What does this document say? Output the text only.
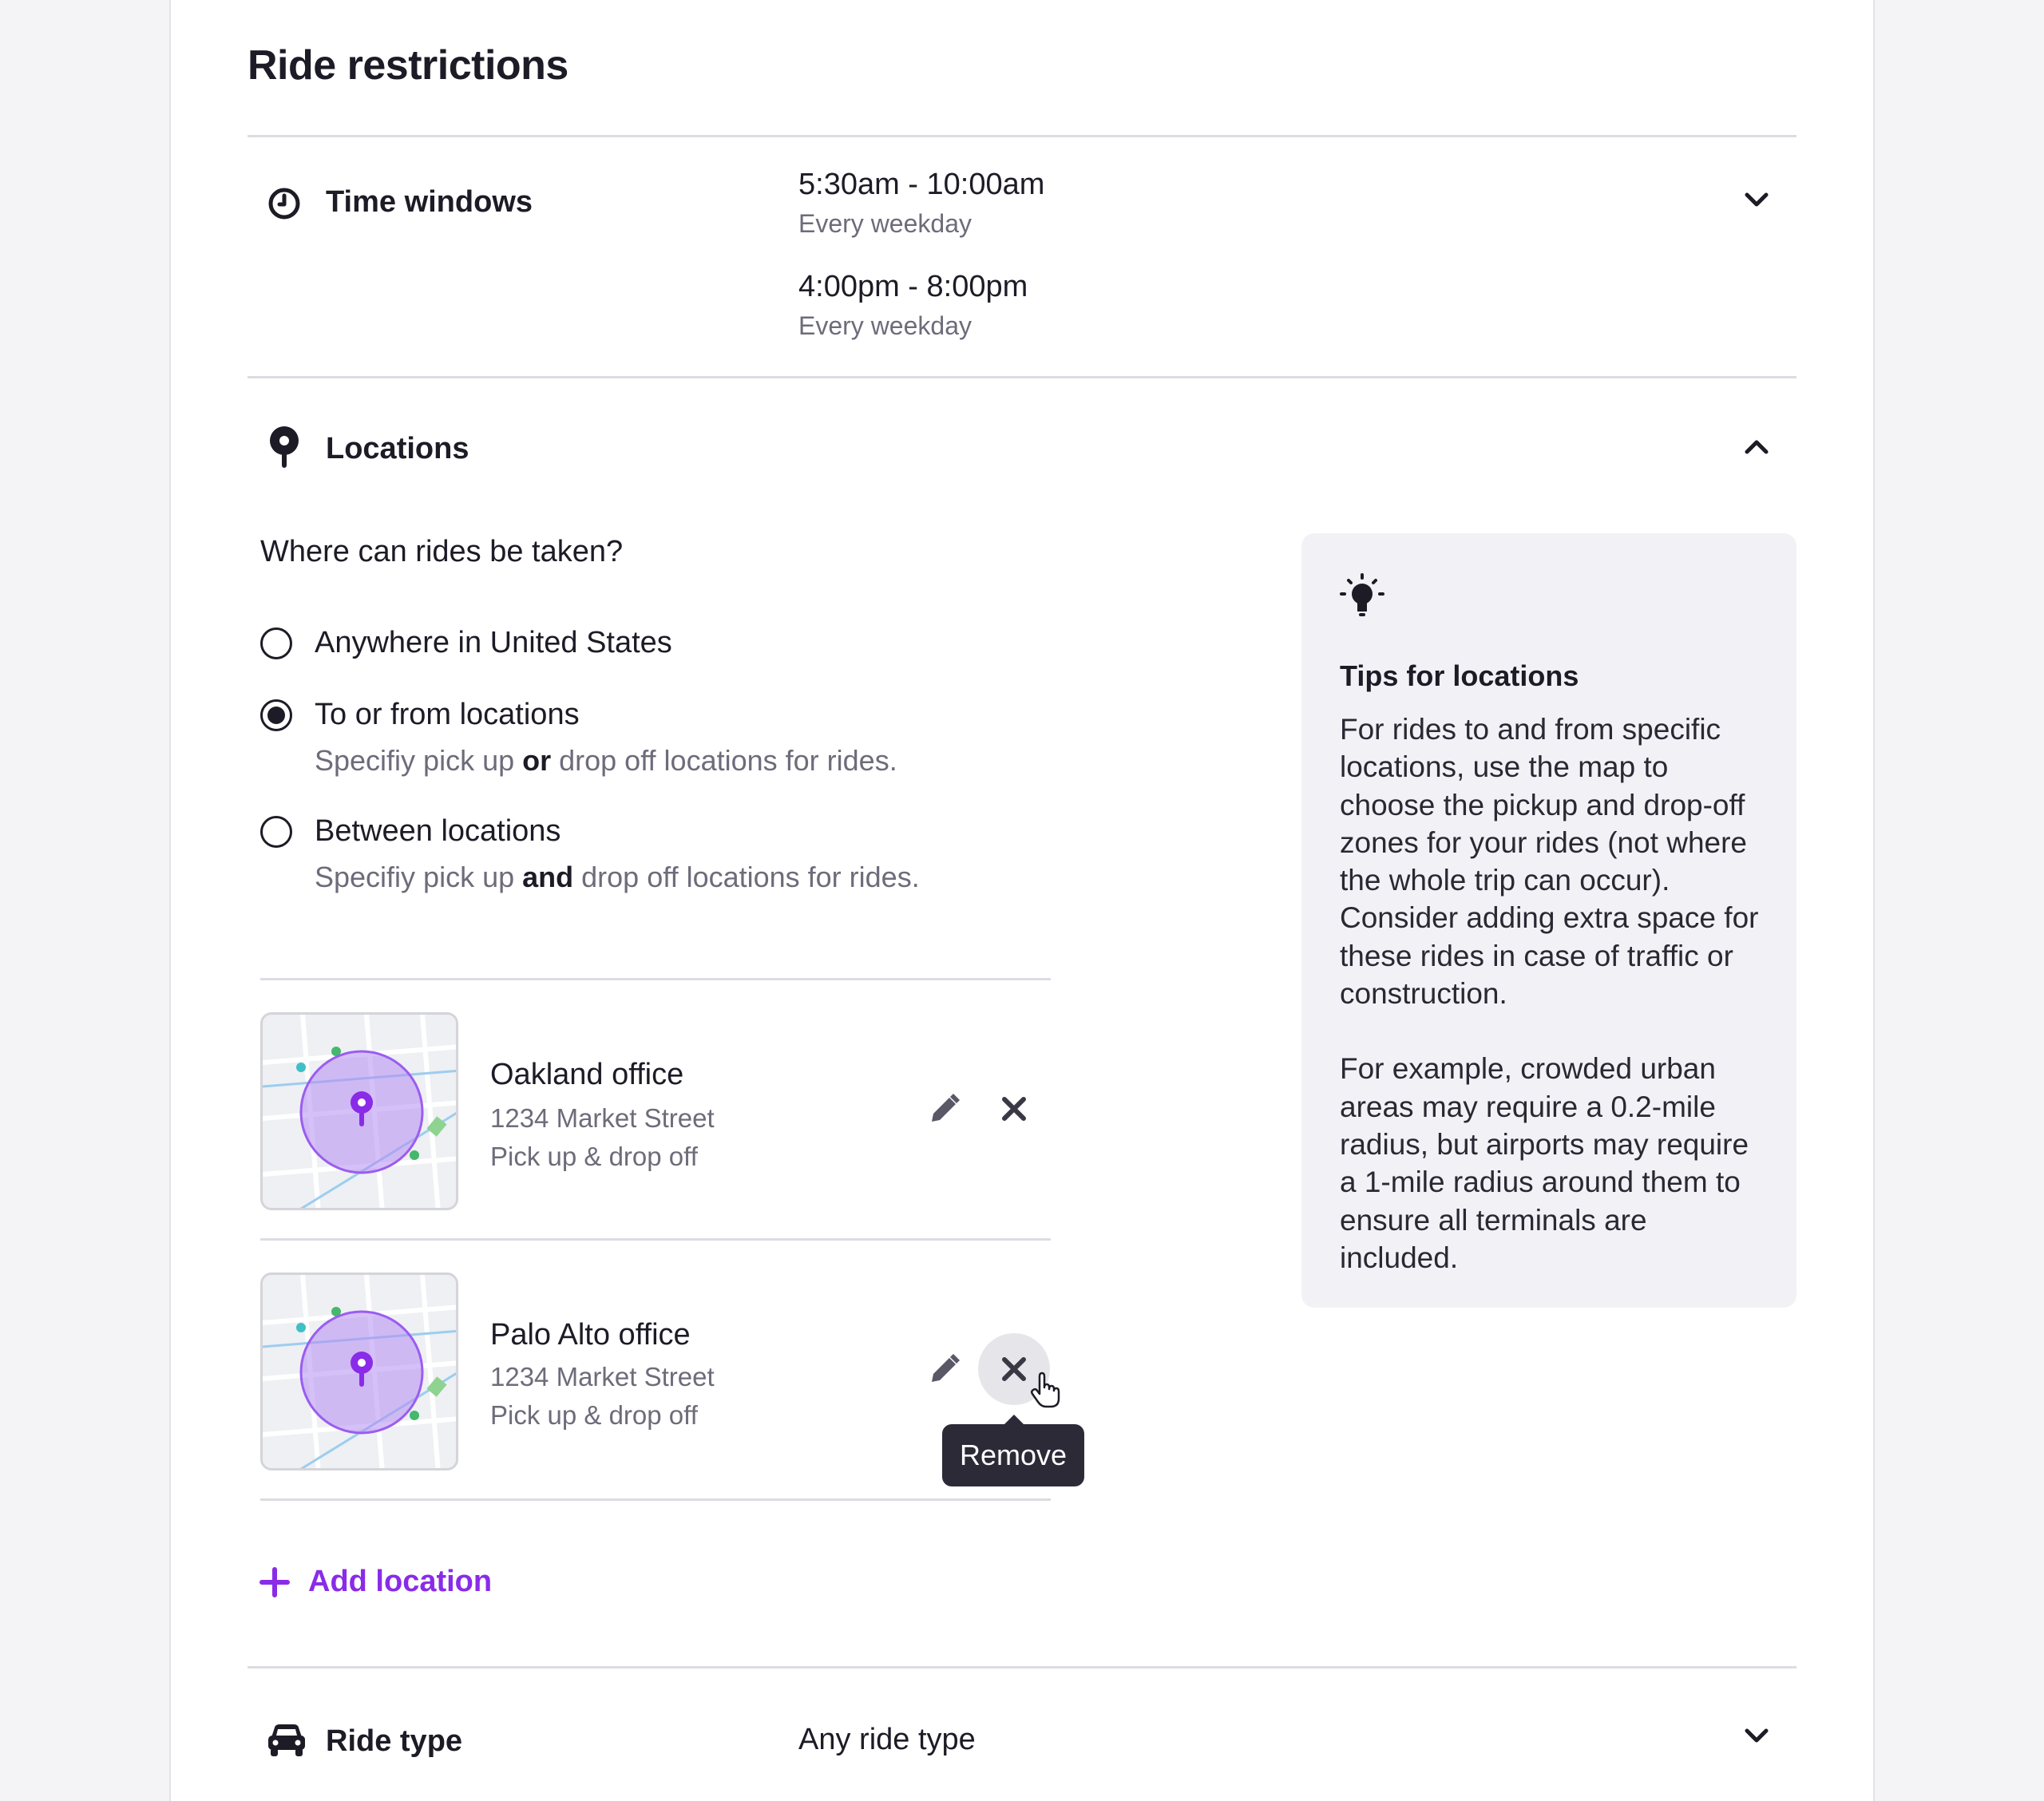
Ride restrictions
Time windows
5:30am - 10:00am
Every weekday
4:00pm - 8:00pm
Every weekday
Locations
Where can rides be taken?
Anywhere in United States
To or from locations
Specifiy pick up or drop off locations for rides.
Between locations
Specifiy pick up and drop off locations for rides.
Oakland office
1234 Market Street
Pick up & drop off
Palo Alto office
1234 Market Street
Pick up & drop off
Remove
Add location
Tips for locations

For rides to and from specific locations, use the map to choose the pickup and drop-off zones for your rides (not where the whole trip can occur). Consider adding extra space for these rides in case of traffic or construction.

For example, crowded urban areas may require a 0.2-mile radius, but airports may require a 1-mile radius around them to ensure all terminals are included.

Ride type	Any ride type
